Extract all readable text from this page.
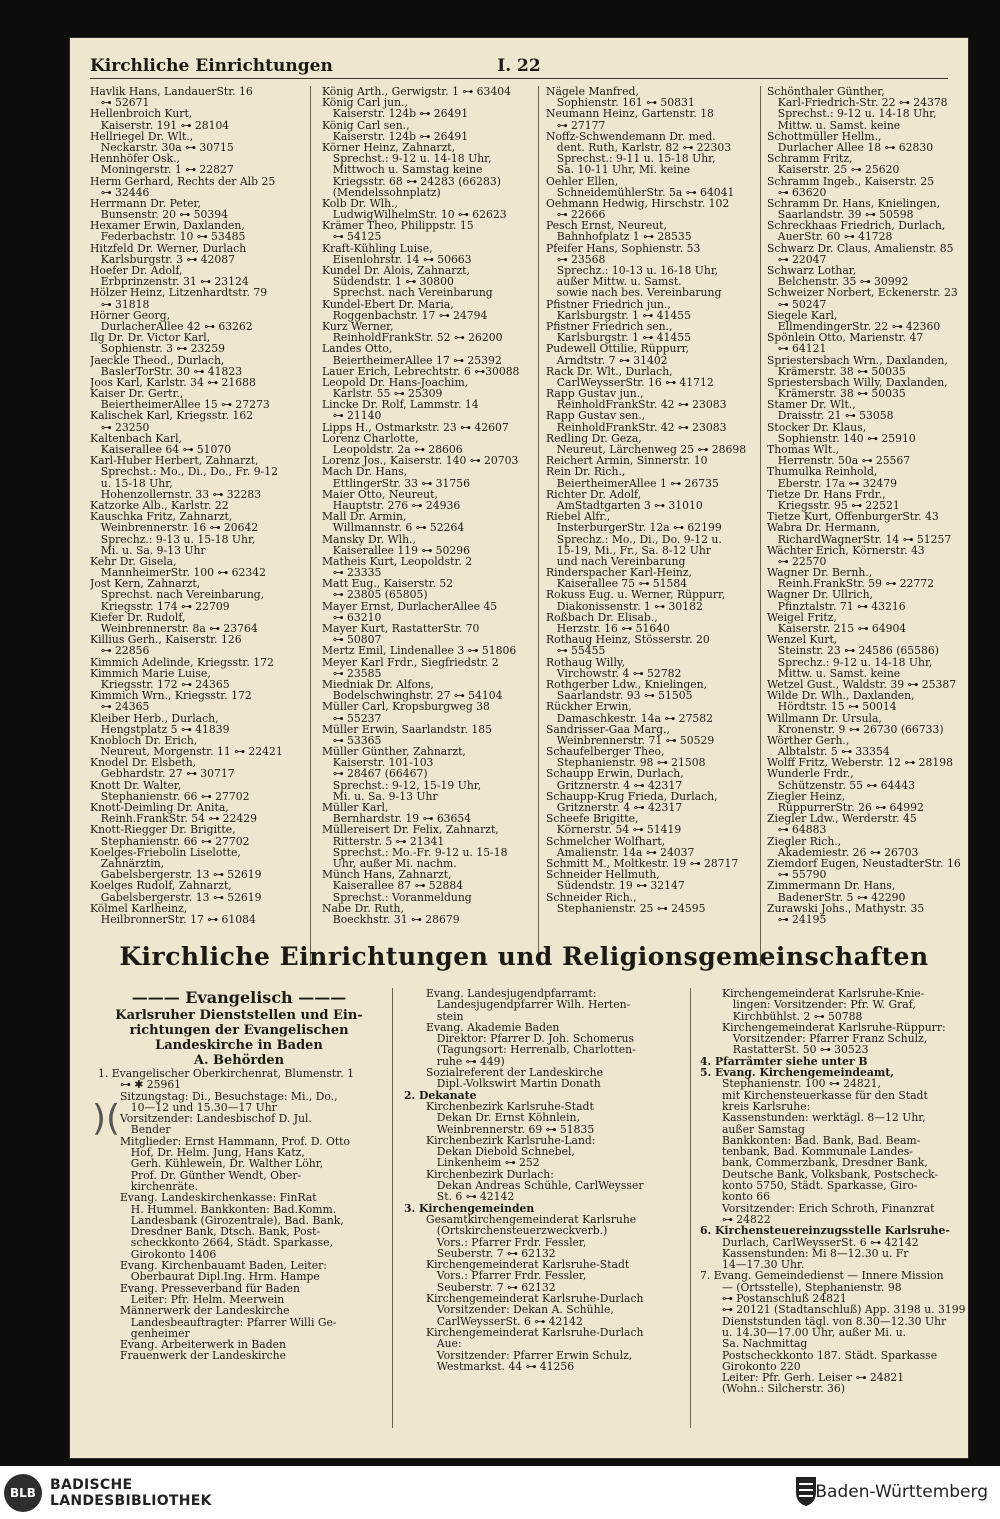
Kirchliche Einrichtungen	I. 22
Havlik Hans, LandauerStr. 16
 ⊶ 52671
Hellenbroich Kurt,
 Kaiserstr. 191 ⊶ 28104
Hellriegel Dr. Wlt.,
 Neckarstr. 30a ⊶ 30715
Hennhöfer Osk.,
 Moningerstr. 1 ⊶ 22827
Herm Gerhard, Rechts der Alb 25
 ⊶ 32446
Herrmann Dr. Peter,
 Bunsenstr. 20 ⊶ 50394
Hexamer Erwin, Daxlanden,
 Federbachstr. 10 ⊶ 53485
Hitzfeld Dr. Werner, Durlach
 Karlsburgstr. 3 ⊶ 42087
Hoefer Dr. Adolf,
 Erbprinzenstr. 31 ⊶ 23124
Hölzer Heinz, Litzenhardtstr. 79
 ⊶ 31818
Hörner Georg,
 DurlacherAllee 42 ⊶ 63262
Ilg Dr. Dr. Victor Karl,
 Sophienstr. 3 ⊶ 23259
Jaeckle Theod., Durlach,
 BaslerTorStr. 30 ⊶ 41823
Joos Karl, Karlstr. 34 ⊶ 21688
Kaiser Dr. Gertr.,
 BeiertheimerAllee 15 ⊶ 27273
Kalischek Karl, Kriegsstr. 162
 ⊶ 23250
Kaltenbach Karl,
 Kaiserallee 64 ⊶ 51070
Karl-Huber Herbert, Zahnarzt,
 Sprechst.: Mo., Di., Do., Fr. 9-12
 u. 15-18 Uhr,
 Hohenzollernstr. 33 ⊶ 32283
Katzorke Alb., Karlstr. 22
Kauschka Fritz, Zahnarzt,
 Weinbrennerstr. 16 ⊶ 20642
 Sprechz.: 9-13 u. 15-18 Uhr,
 Mi. u. Sa. 9-13 Uhr
Kehr Dr. Gisela,
 MannheimerStr. 100 ⊶ 62342
Jost Kern, Zahnarzt,
 Sprechst. nach Vereinbarung,
 Kriegsstr. 174 ⊶ 22709
Kiefer Dr. Rudolf,
 Weinbrennerstr. 8a ⊶ 23764
Killius Gerh., Kaiserstr. 126
 ⊶ 22856
Kimmich Adelinde, Kriegsstr. 172
Kimmich Marie Luise,
 Kriegsstr. 172 ⊶ 24365
Kimmich Wrn., Kriegsstr. 172
 ⊶ 24365
Kleiber Herb., Durlach,
 Hengstplatz 5 ⊶ 41839
Knobloch Dr. Erich,
 Neureut, Morgenstr. 11 ⊶ 22421
Knodel Dr. Elsbeth,
 Gebhardstr. 27 ⊶ 30717
Knott Dr. Walter,
 Stephanienstr. 66 ⊶ 27702
Knott-Deimling Dr. Anita,
 Reinh.FrankStr. 54 ⊶ 22429
Knott-Riegger Dr. Brigitte,
 Stephanienstr. 66 ⊶ 27702
Koelges-Friebolin Liselotte,
 Zahnärztin,
 Gabelsbergerstr. 13 ⊶ 52619
Koelges Rudolf, Zahnarzt,
 Gabelsbergerstr. 13 ⊶ 52619
Kölmel Karlheinz,
 HeilbronnerStr. 17 ⊶ 61084
König Arth., Gerwigstr. 1 ⊶ 63404
König Carl jun.,
 Kaiserstr. 124b ⊶ 26491
König Carl sen.,
 Kaiserstr. 124b ⊶ 26491
Körner Heinz, Zahnarzt,
 Sprechst.: 9-12 u. 14-18 Uhr,
 Mittwoch u. Samstag keine
 Kriegsstr. 68 ⊶ 24283 (66283)
 (Mendelssohnplatz)
Kolb Dr. Wlh.,
 LudwigWilhelmStr. 10 ⊶ 62623
Krämer Theo, Philippstr. 15
 ⊶ 54125
Kraft-Kühling Luise,
 Eisenlohrstr. 14 ⊶ 50663
Kundel Dr. Alois, Zahnarzt,
 Südendstr. 1 ⊶ 30800
 Sprechst. nach Vereinbarung
Kundel-Ebert Dr. Maria,
 Roggenbachstr. 17 ⊶ 24794
Kurz Werner,
 ReinholdFrankStr. 52 ⊶ 26200
Landes Otto,
 BeiertheimerAllee 17 ⊶ 25392
Lauer Erich, Lebrechtstr. 6 ⊶30088
Leopold Dr. Hans-Joachim,
 Karlstr. 55 ⊶ 25309
Lincke Dr. Rolf, Lammstr. 14
 ⊶ 21140
Lipps H., Ostmarkstr. 23 ⊶ 42607
Lorenz Charlotte,
 Leopoldstr. 2a ⊶ 28606
Lorenz Jos., Kaiserstr. 140 ⊶ 20703
Mach Dr. Hans,
 EttlingerStr. 33 ⊶ 31756
Maier Otto, Neureut,
 Hauptstr. 276 ⊶ 24936
Mall Dr. Armin,
 Willmannstr. 6 ⊶ 52264
Mansky Dr. Wlh.,
 Kaiserallee 119 ⊶ 50296
Matheis Kurt, Leopoldstr. 2
 ⊶ 23335
Matt Eug., Kaiserstr. 52
 ⊶ 23805 (65805)
Mayer Ernst, DurlacherAllee 45
 ⊶ 63210
Mayer Kurt, RastatterStr. 70
 ⊶ 50807
Mertz Emil, Lindenallee 3 ⊶ 51806
Meyer Karl Frdr., Siegfriedstr. 2
 ⊶ 23585
Miedniak Dr. Alfons,
 Bodelschwinghstr. 27 ⊶ 54104
Müller Carl, Kropsburgweg 38
 ⊶ 55237
Müller Erwin, Saarlandstr. 185
 ⊶ 53365
Müller Günther, Zahnarzt,
 Kaiserstr. 101-103
 ⊶ 28467 (66467)
 Sprechst.: 9-12, 15-19 Uhr,
 Mi. u. Sa. 9-13 Uhr
Müller Karl,
 Bernhardstr. 19 ⊶ 63654
Müllereisert Dr. Felix, Zahnarzt,
 Ritterstr. 5 ⊶ 21341
 Sprechst.: Mo.-Fr. 9-12 u. 15-18
 Uhr, außer Mi. nachm.
Münch Hans, Zahnarzt,
 Kaiserallee 87 ⊶ 52884
 Sprechst.: Voranmeldung
Nabe Dr. Ruth,
 Boeckhstr. 31 ⊶ 28679
Nägele Manfred,
 Sophienstr. 161 ⊶ 50831
Neumann Heinz, Gartenstr. 18
 ⊶ 27177
Noffz-Schwendemann Dr. med.
 dent. Ruth, Karlstr. 82 ⊶ 22303
 Sprechst.: 9-11 u. 15-18 Uhr,
 Sa. 10-11 Uhr, Mi. keine
Oehler Ellen,
 SchneidemühlerStr. 5a ⊶ 64041
Oehmann Hedwig, Hirschstr. 102
 ⊶ 22666
Pesch Ernst, Neureut,
 Bahnhofplatz 1 ⊶ 28535
Pfeifer Hans, Sophienstr. 53
 ⊶ 23568
 Sprechz.: 10-13 u. 16-18 Uhr,
 außer Mittw. u. Samst.
 sowie nach bes. Vereinbarung
Pfistner Friedrich jun.,
 Karlsburgstr. 1 ⊶ 41455
Pfistner Friedrich sen.,
 Karlsburgstr. 1 ⊶ 41455
Pudewell Ottilie, Rüppurr,
 Arndtstr. 7 ⊶ 31402
Rack Dr. Wlt., Durlach,
 CarlWeysserStr. 16 ⊶ 41712
Rapp Gustav jun.,
 ReinholdFrankStr. 42 ⊶ 23083
Rapp Gustav sen.,
 ReinholdFrankStr. 42 ⊶ 23083
Redling Dr. Geza,
 Neureut, Lärchenweg 25 ⊶ 28698
Reichert Armin, Sinnerstr. 10
Rein Dr. Rich.,
 BeiertheimerAllee 1 ⊶ 26735
Richter Dr. Adolf,
 AmStadtgarten 3 ⊶ 31010
Riebel Alfr.,
 InsterburgerStr. 12a ⊶ 62199
 Sprechz.: Mo., Di., Do. 9-12 u.
 15-19, Mi., Fr., Sa. 8-12 Uhr
 und nach Vereinbarung
Rinderspacher Karl-Heinz,
 Kaiserallee 75 ⊶ 51584
Rokuss Eug. u. Werner, Rüppurr,
 Diakonissenstr. 1 ⊶ 30182
Roßbach Dr. Elisab.,
 Herzstr. 16 ⊶ 51640
Rothaug Heinz, Stösserstr. 20
 ⊶ 55455
Rothaug Willy,
 Virchowstr. 4 ⊶ 52782
Rothgerber Ldw., Knielingen,
 Saarlandstr. 93 ⊶ 51505
Rückher Erwin,
 Damaschkestr. 14a ⊶ 27582
Sandrisser-Gaa Marg.,
 Weinbrennerstr. 71 ⊶ 50529
Schaufelberger Theo,
 Stephanienstr. 98 ⊶ 21508
Schaupp Erwin, Durlach,
 Gritznerstr. 4 ⊶ 42317
Schaupp-Krug Frieda, Durlach,
 Gritznerstr. 4 ⊶ 42317
Scheefe Brigitte,
 Körnerstr. 54 ⊶ 51419
Schmelcher Wolfhart,
 Amalienstr. 14a ⊶ 24037
Schmitt M., Moltkestr. 19 ⊶ 28717
Schneider Hellmuth,
 Südendstr. 19 ⊶ 32147
Schneider Rich.,
 Stephanienstr. 25 ⊶ 24595
Schönthaler Günther,
 Karl-Friedrich-Str. 22 ⊶ 24378
 Sprechst.: 9-12 u. 14-18 Uhr,
 Mittw. u. Samst. keine
Schottmüller Hellm.,
 Durlacher Allee 18 ⊶ 62830
Schramm Fritz,
 Kaiserstr. 25 ⊶ 25620
Schramm Ingeb., Kaiserstr. 25
 ⊶ 63620
Schramm Dr. Hans, Knielingen,
 Saarlandstr. 39 ⊶ 50598
Schreckhaas Friedrich, Durlach,
 AuerStr. 60 ⊶ 41728
Schwarz Dr. Claus, Amalienstr. 85
 ⊶ 22047
Schwarz Lothar,
 Belchenstr. 35 ⊶ 30992
Schweizer Norbert, Eckenerstr. 23
 ⊶ 50247
Siegele Karl,
 EllmendingerStr. 22 ⊶ 42360
Spönlein Otto, Marienstr. 47
 ⊶ 64121
Spriestersbach Wrn., Daxlanden,
 Krämerstr. 38 ⊶ 50035
Spriestersbach Willy, Daxlanden,
 Krämerstr. 38 ⊶ 50035
Stamer Dr. Wlt.,
 Draisstr. 21 ⊶ 53058
Stocker Dr. Klaus,
 Sophienstr. 140 ⊶ 25910
Thomas Wlt.,
 Herrenstr. 50a ⊶ 25567
Thumulka Reinhold,
 Eberstr. 17a ⊶ 32479
Tietze Dr. Hans Frdr.,
 Kriegsstr. 95 ⊶ 22521
Tietze Kurt, OffenburgerStr. 43
Wabra Dr. Hermann,
 RichardWagnerStr. 14 ⊶ 51257
Wächter Erich, Körnerstr. 43
 ⊶ 22570
Wagner Dr. Bernh.,
 Reinh.FrankStr. 59 ⊶ 22772
Wagner Dr. Ullrich,
 Pfinztalstr. 71 ⊶ 43216
Weigel Fritz,
 Kaiserstr. 215 ⊶ 64904
Wenzel Kurt,
 Steinstr. 23 ⊶ 24586 (65586)
 Sprechz.: 9-12 u. 14-18 Uhr,
 Mittw. u. Samst. keine
Wetzel Gust., Waldstr. 39 ⊶ 25387
Wilde Dr. Wlh., Daxlanden,
 Hördtstr. 15 ⊶ 50014
Willmann Dr. Ursula,
 Kronenstr. 9 ⊶ 26730 (66733)
Wörther Gerh.,
 Albtalstr. 5 ⊶ 33354
Wolff Fritz, Weberstr. 12 ⊶ 28198
Wunderle Frdr.,
 Schützenstr. 55 ⊶ 64443
Ziegler Heinz,
 RüppurrerStr. 26 ⊶ 64992
Ziegler Ldw., Werderstr. 45
 ⊶ 64883
Ziegler Rich.,
 Akademiestr. 26 ⊶ 26703
Ziemdorf Eugen, NeustadterStr. 16
 ⊶ 55790
Zimmermann Dr. Hans,
 BadenerStr. 5 ⊶ 42290
Zurawski Johs., Mathystr. 35
 ⊶ 24195
Kirchliche Einrichtungen und Religionsgemeinschaften
)(
——— Evangelisch ———
Karlsruher Dienststellen und Ein-
richtungen der Evangelischen
Landeskirche in Baden
A. Behörden
1. Evangelischer Oberkirchenrat, Blumenstr. 1
⊶ ✱ 25961
Sitzungstag: Di., Besuchstage: Mi., Do.,
 10—12 und 15.30—17 Uhr
Vorsitzender: Landesbischof D. Jul.
 Bender
Mitglieder: Ernst Hammann, Prof. D. Otto
 Hof, Dr. Helm. Jung, Hans Katz,
 Gerh. Kühlewein, Dr. Walther Löhr,
 Prof. Dr. Günther Wendt, Ober-
 kirchenräte.
Evang. Landeskirchenkasse: FinRat
 H. Hummel. Bankkonten: Bad.Komm.
 Landesbank (Girozentrale), Bad. Bank,
 Dresdner Bank, Dtsch. Bank, Post-
 scheckkonto 2664, Städt. Sparkasse,
 Girokonto 1406
Evang. Kirchenbauamt Baden, Leiter:
 Oberbaurat Dipl.Ing. Hrm. Hampe
Evang. Presseverband für Baden
 Leiter: Pfr. Helm. Meerwein
Männerwerk der Landeskirche
 Landesbeauftragter: Pfarrer Willi Ge-
 genheimer
Evang. Arbeiterwerk in Baden
Frauenwerk der Landeskirche
Evang. Landesjugendpfarramt:
 Landesjugendpfarrer Wilh. Herten-
 stein
Evang. Akademie Baden
 Direktor: Pfarrer D. Joh. Schomerus
 (Tagungsort: Herrenalb, Charlotten-
 ruhe ⊶ 449)
Sozialreferent der Landeskirche
 Dipl.-Volkswirt Martin Donath
2. Dekanate
Kirchenbezirk Karlsruhe-Stadt
 Dekan Dr. Ernst Köhnlein,
 Weinbrennerstr. 69 ⊶ 51835
Kirchenbezirk Karlsruhe-Land:
 Dekan Diebold Schnebel,
 Linkenheim ⊶ 252
Kirchenbezirk Durlach:
 Dekan Andreas Schühle, CarlWeysser
 St. 6 ⊶ 42142
3. Kirchengemeinden
Gesamtkirchengemeinderat Karlsruhe
 (Ortskirchensteuerzweckverb.)
 Vors.: Pfarrer Frdr. Fessler,
 Seuberstr. 7 ⊶ 62132
Kirchengemeinderat Karlsruhe-Stadt
 Vors.: Pfarrer Frdr. Fessler,
 Seuberstr. 7 ⊶ 62132
Kirchengemeinderat Karlsruhe-Durlach
 Vorsitzender: Dekan A. Schühle,
 CarlWeysserSt. 6 ⊶ 42142
Kirchengemeinderat Karlsruhe-Durlach
 Aue:
 Vorsitzender: Pfarrer Erwin Schulz,
 Westmarkst. 44 ⊶ 41256
Kirchengemeinderat Karlsruhe-Knie-
 lingen: Vorsitzender: Pfr. W. Graf,
 Kirchbühlst. 2 ⊶ 50788
Kirchengemeinderat Karlsruhe-Rüppurr:
 Vorsitzender: Pfarrer Franz Schulz,
 RastatterSt. 50 ⊶ 30523
4. Pfarrämter siehe unter B
5. Evang. Kirchengemeindeamt,
Stephanienstr. 100 ⊶ 24821,
mit Kirchensteuerkasse für den Stadt
kreis Karlsruhe:
Kassenstunden: werktägl. 8—12 Uhr,
außer Samstag
Bankkonten: Bad. Bank, Bad. Beam-
tenbank, Bad. Kommunale Landes-
bank, Commerzbank, Dresdner Bank,
Deutsche Bank, Volksbank, Postscheck-
konto 5750, Städt. Sparkasse, Giro-
konto 66
Vorsitzender: Erich Schroth, Finanzrat
⊶ 24822
6. Kirchensteuereinzugsstelle Karlsruhe-
Durlach, CarlWeysserSt. 6 ⊶ 42142
Kassenstunden: Mi 8—12.30 u. Fr
14—17.30 Uhr.
7. Evang. Gemeindedienst — Innere Mission
— (Ortsstelle), Stephanienstr. 98
⊶ Postanschluß 24821
⊶ 20121 (Stadtanschluß) App. 3198 u. 3199
Dienststunden tägl. von 8.30—12.30 Uhr
u. 14.30—17.00 Uhr, außer Mi. u.
Sa. Nachmittag
Postscheckkonto 187. Städt. Sparkasse
Girokonto 220
Leiter: Pfr. Gerh. Leiser ⊶ 24821
(Wohn.: Silcherstr. 36)
BLB	BADISCHE
LANDESBIBLIOTHEK	Baden-Württemberg
